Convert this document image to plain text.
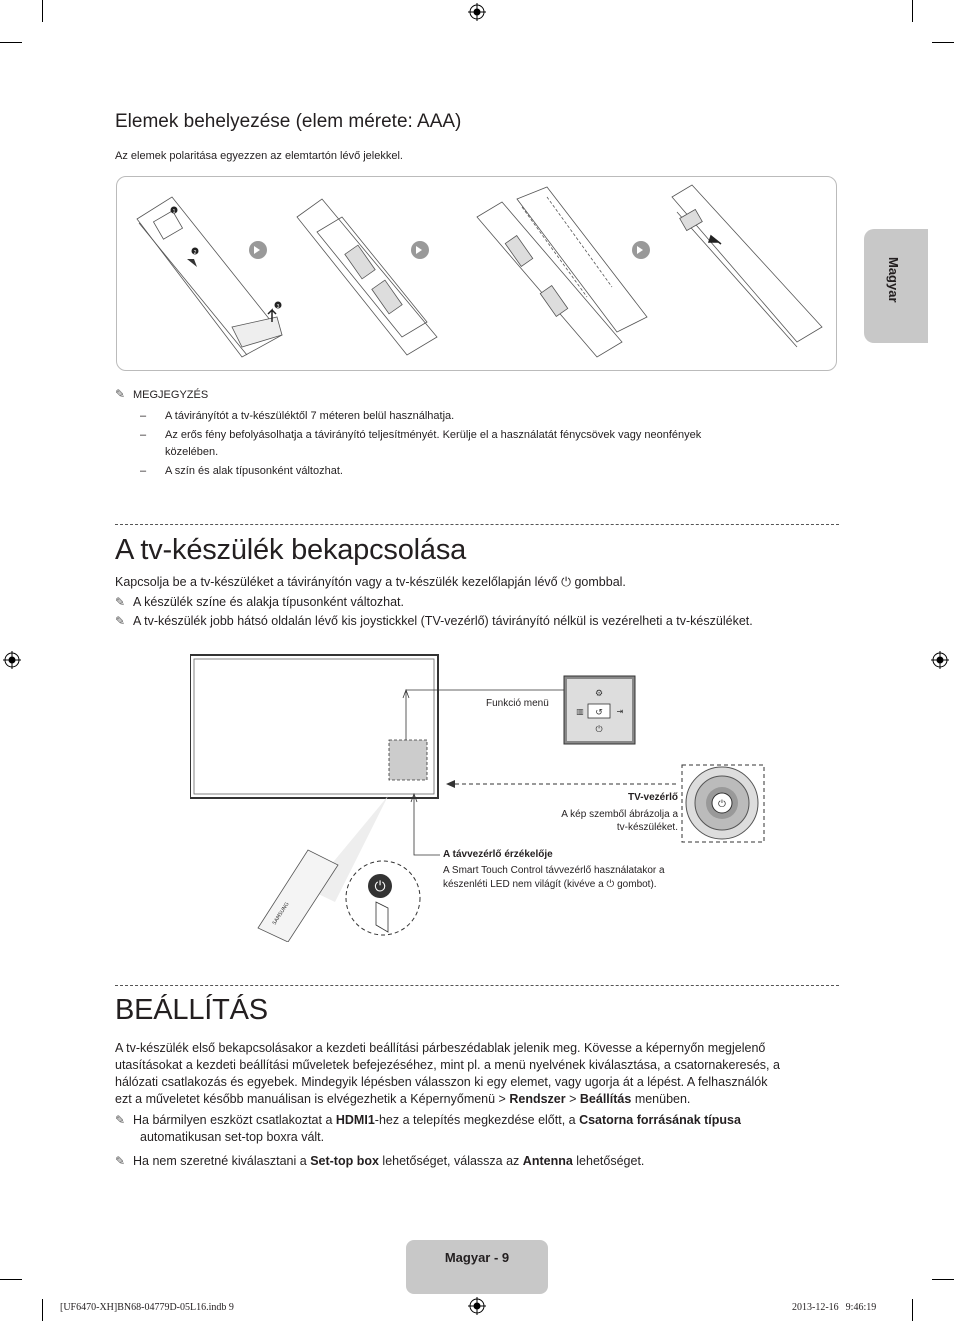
Magyar
Elemek behelyezése (elem mérete: AAA)
Az elemek polaritása egyezzen az elemtartón lévő jelekkel.
1
2
3
✎ MEGJEGYZÉS
– A távirányítót a tv-készüléktől 7 méteren belül használhatja.
– Az erős fény befolyásolhatja a távirányító teljesítményét. Kerülje el a használatát fénycsövek vagy neonfények
közelében.
– A szín és alak típusonként változhat.
A tv-készülék bekapcsolása
Kapcsolja be a tv-készüléket a távirányítón vagy a tv-készülék kezelőlapján lévő ⏻ gombbal.
✎ A készülék színe és alakja típusonként változhat.
✎ A tv-készülék jobb hátsó oldalán lévő kis joystickkel (TV-vezérlő) távirányító nélkül is vezérelheti a tv-készüléket.
↺
⚙
▥	⇥
⏻
⏻
SAMSUNG
⏻
Funkció menü
TV-vezérlő
A kép szemből ábrázolja a
tv-készüléket.
A távvezérlő érzékelője
A Smart Touch Control távvezérlő használatakor a
készenléti LED nem világít (kivéve a ⏻ gombot).
BEÁLLÍTÁS
A tv-készülék első bekapcsolásakor a kezdeti beállítási párbeszédablak jelenik meg. Kövesse a képernyőn megjelenő
utasításokat a kezdeti beállítási műveletek befejezéséhez, mint pl. a menü nyelvének kiválasztása, a csatornakeresés, a
hálózati csatlakozás és egyebek. Mindegyik lépésben válasszon ki egy elemet, vagy ugorja át a lépést. A felhasználók
ezt a műveletet később manuálisan is elvégezhetik a Képernyőmenü > Rendszer > Beállítás menüben.
✎ Ha bármilyen eszközt csatlakoztat a HDMI1-hez a telepítés megkezdése előtt, a Csatorna forrásának típusa
automatikusan set-top boxra vált.
✎ Ha nem szeretné kiválasztani a Set-top box lehetőséget, válassza az Antenna lehetőséget.
Magyar - 9
[UF6470-XH]BN68-04779D-05L16.indb 9	2013-12-16   9:46:19
